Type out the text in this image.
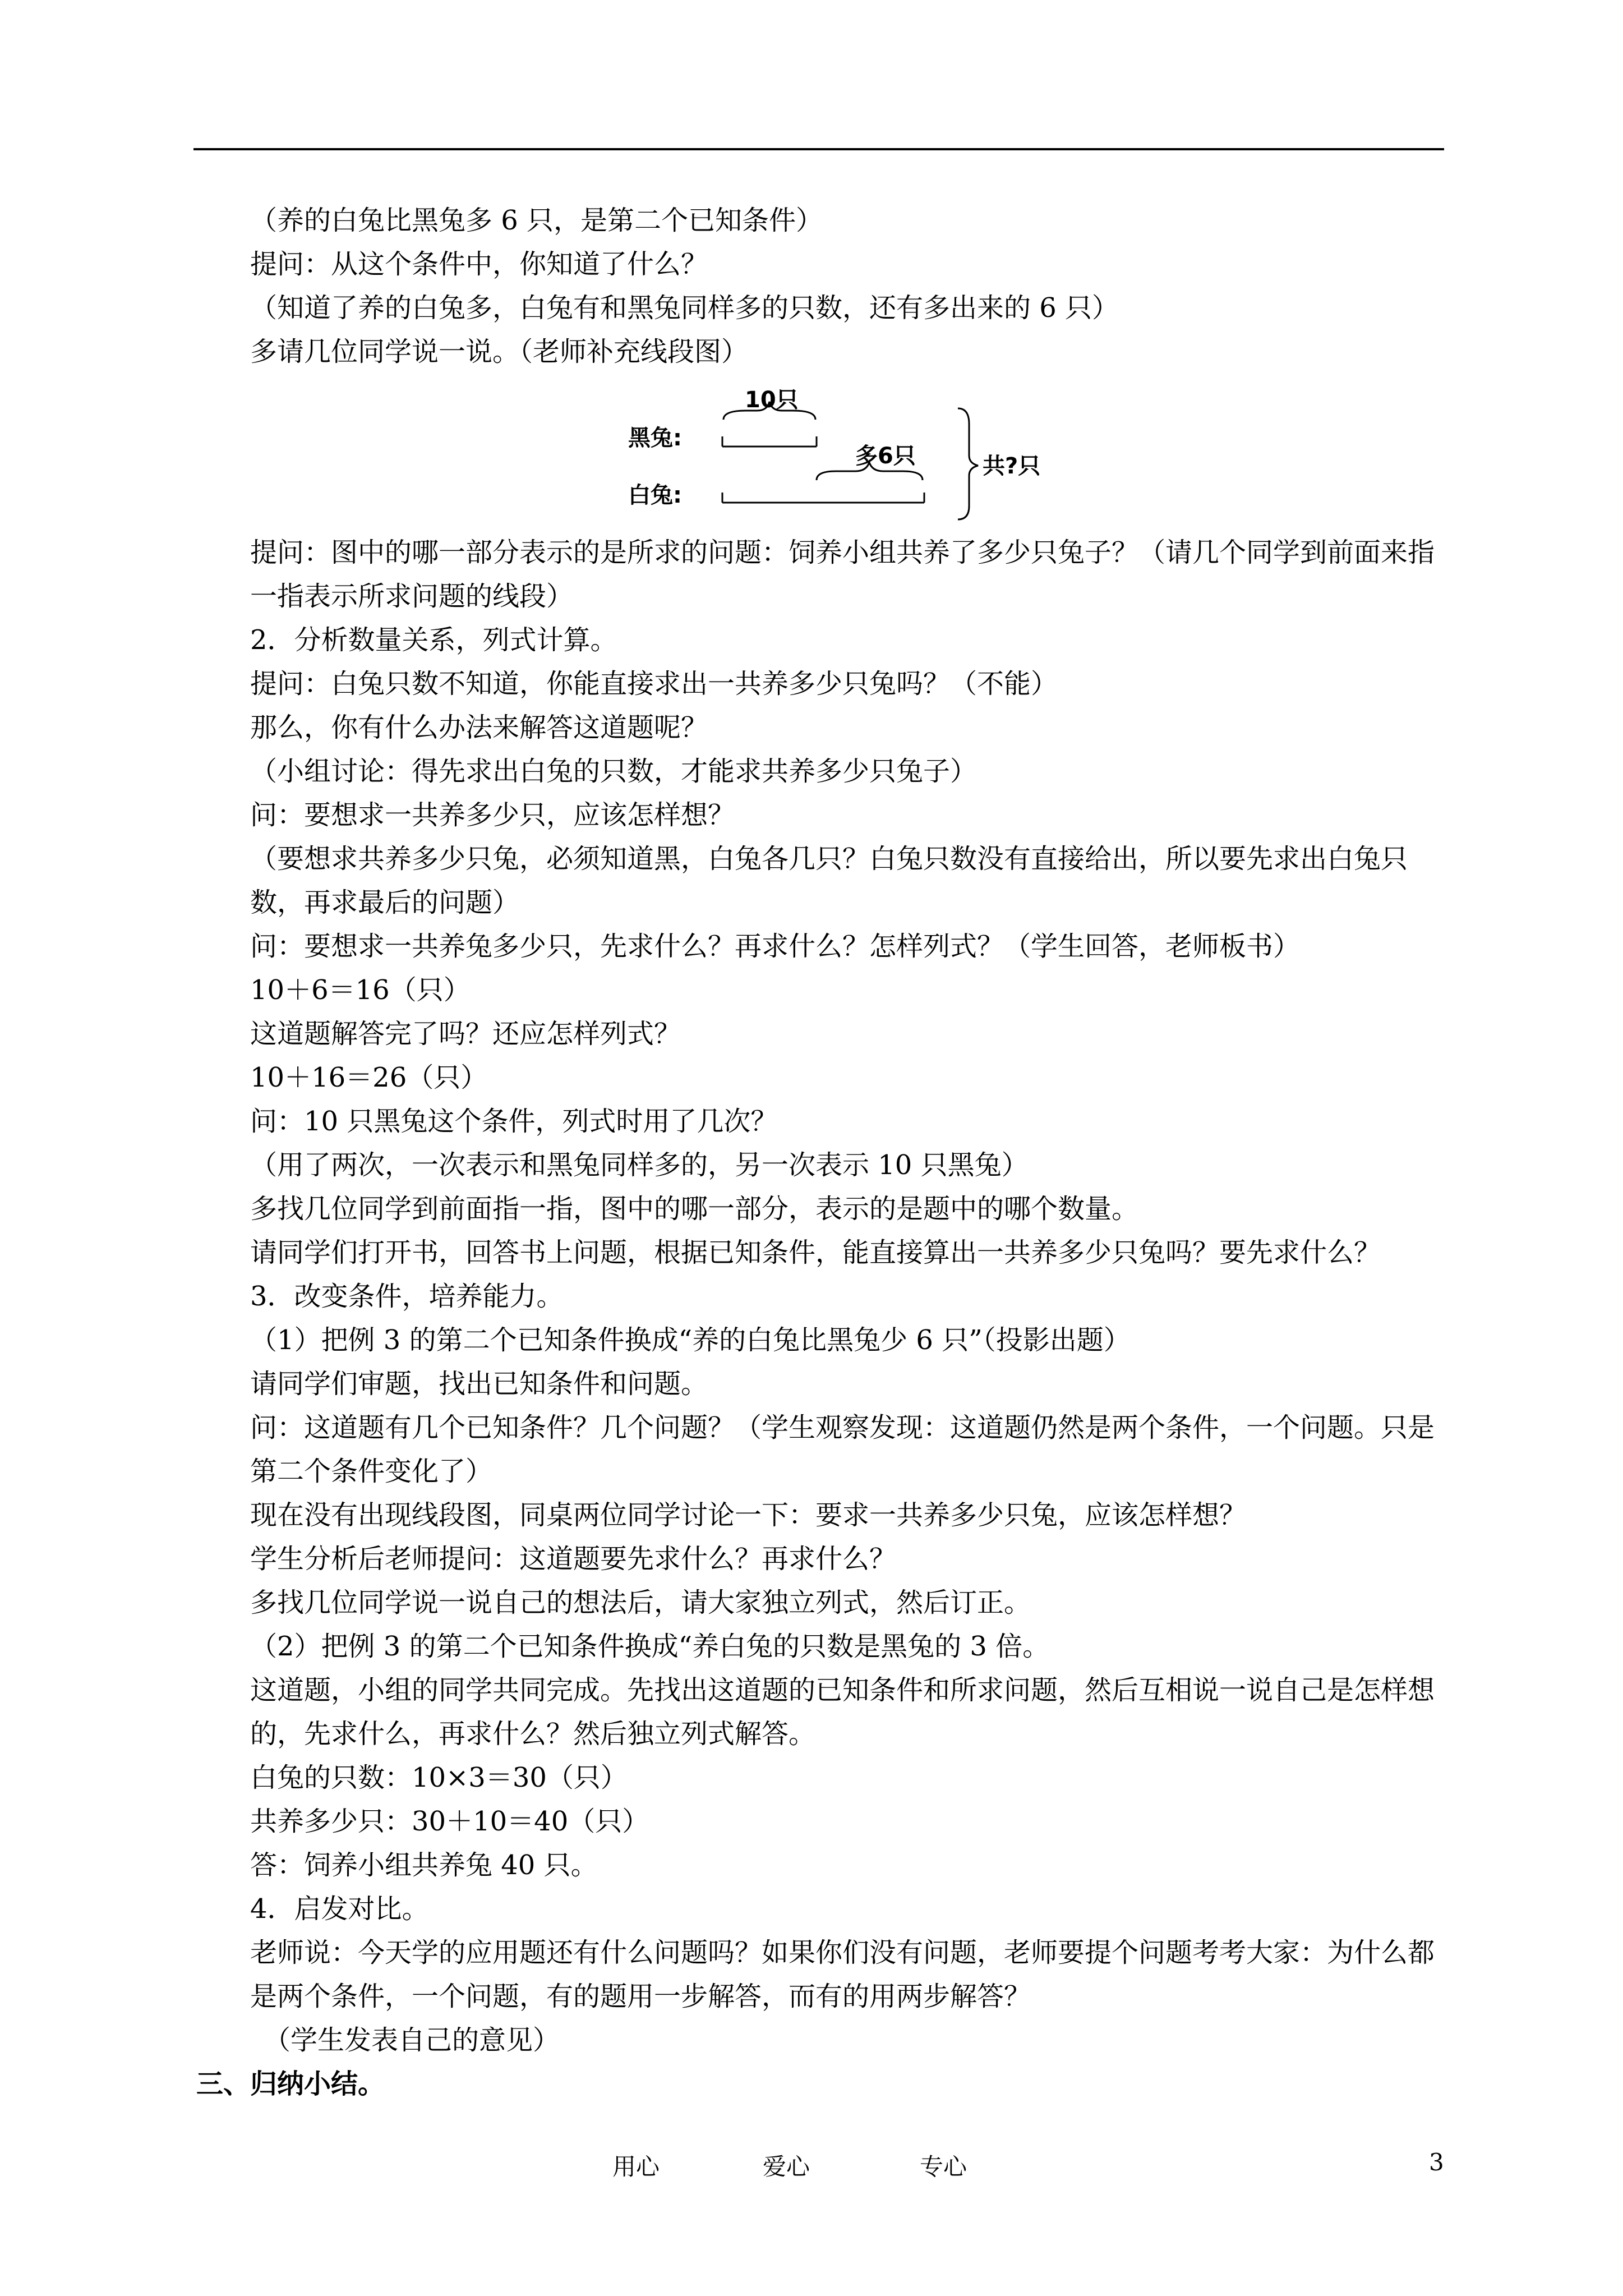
（养的白兔比黑兔多 6 只，是第二个已知条件）

提问：从这个条件中，你知道了什么？

（知道了养的白兔多，白兔有和黑兔同样多的只数，还有多出来的 6 只）

多请几位同学说一说。（老师补充线段图）

10只
黑兔:
多6只
白兔:
共?只

提问：图中的哪一部分表示的是所求的问题：饲养小组共养了多少只兔子？（请几个同学到前面来指一指表示所求问题的线段）

2．分析数量关系，列式计算。

提问：白兔只数不知道，你能直接求出一共养多少只兔吗？（不能）

那么，你有什么办法来解答这道题呢？

（小组讨论：得先求出白兔的只数，才能求共养多少只兔子）

问：要想求一共养多少只，应该怎样想？

（要想求共养多少只兔，必须知道黑，白兔各几只？白兔只数没有直接给出，所以要先求出白兔只数，再求最后的问题）

问：要想求一共养兔多少只，先求什么？再求什么？怎样列式？（学生回答，老师板书）

10＋6＝16（只）

这道题解答完了吗？还应怎样列式？

10＋16＝26（只）

问：10 只黑兔这个条件，列式时用了几次？

（用了两次，一次表示和黑兔同样多的，另一次表示 10 只黑兔）

多找几位同学到前面指一指，图中的哪一部分，表示的是题中的哪个数量。

请同学们打开书，回答书上问题，根据已知条件，能直接算出一共养多少只兔吗？要先求什么？

3．改变条件，培养能力。

（1）把例 3 的第二个已知条件换成“养的白兔比黑兔少 6 只”（投影出题）

请同学们审题，找出已知条件和问题。

问：这道题有几个已知条件？几个问题？（学生观察发现：这道题仍然是两个条件，一个问题。只是第二个条件变化了）

现在没有出现线段图，同桌两位同学讨论一下：要求一共养多少只兔，应该怎样想？

学生分析后老师提问：这道题要先求什么？再求什么？

多找几位同学说一说自己的想法后，请大家独立列式，然后订正。

（2）把例 3 的第二个已知条件换成“养白兔的只数是黑兔的 3 倍。

这道题，小组的同学共同完成。先找出这道题的已知条件和所求问题，然后互相说一说自己是怎样想的，先求什么，再求什么？然后独立列式解答。

白兔的只数：10×3＝30（只）

共养多少只：30＋10＝40（只）

答：饲养小组共养兔 40 只。

4．启发对比。

老师说：今天学的应用题还有什么问题吗？如果你们没有问题，老师要提个问题考考大家：为什么都是两个条件，一个问题，有的题用一步解答，而有的用两步解答？

（学生发表自己的意见）

三、归纳小结。

用心	爱心	专心	3
